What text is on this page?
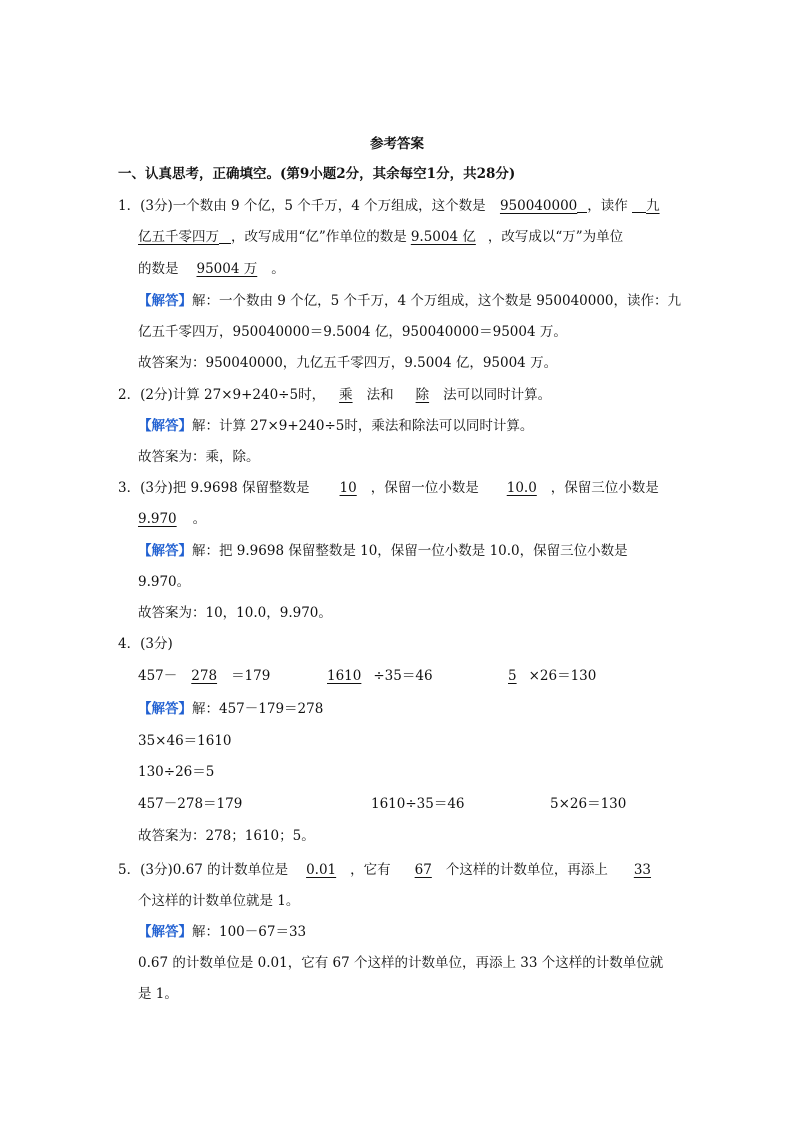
参考答案
一、认真思考，正确填空。(第9小题2分，其余每空1分，共28分)
1．(3分)一个数由 9 个亿，5 个千万，4 个万组成，这个数是 950040000 ，读作 九
亿五千零四万 ，改写成用“亿”作单位的数是 9.5004 亿 ，改写成以“万”为单位
的数是 95004 万 。
【解答】解：一个数由 9 个亿，5 个千万，4 个万组成，这个数是 950040000，读作：九
亿五千零四万，950040000＝9.5004 亿，950040000＝95004 万。
故答案为：950040000，九亿五千零四万，9.5004 亿，95004 万。
2．(2分)计算 27×9+240÷5时， 乘 法和 除 法可以同时计算。
【解答】解：计算 27×9+240÷5时，乘法和除法可以同时计算。
故答案为：乘，除。
3．(3分)把 9.9698 保留整数是 10 ，保留一位小数是 10.0 ，保留三位小数是
9.970 。
【解答】解：把 9.9698 保留整数是 10，保留一位小数是 10.0，保留三位小数是
9.970。
故答案为：10，10.0，9.970。
4．(3分)
457－ 278 ＝179	1610 ÷35＝46	5 ×26＝130
【解答】解：457－179＝278
35×46＝1610
130÷26＝5
457－278＝179	1610÷35＝46	5×26＝130
故答案为：278；1610；5。
5．(3分)0.67 的计数单位是 0.01 ，它有 67 个这样的计数单位，再添上 33
个这样的计数单位就是 1。
【解答】解：100－67＝33
0.67 的计数单位是 0.01，它有 67 个这样的计数单位，再添上 33 个这样的计数单位就
是 1。
